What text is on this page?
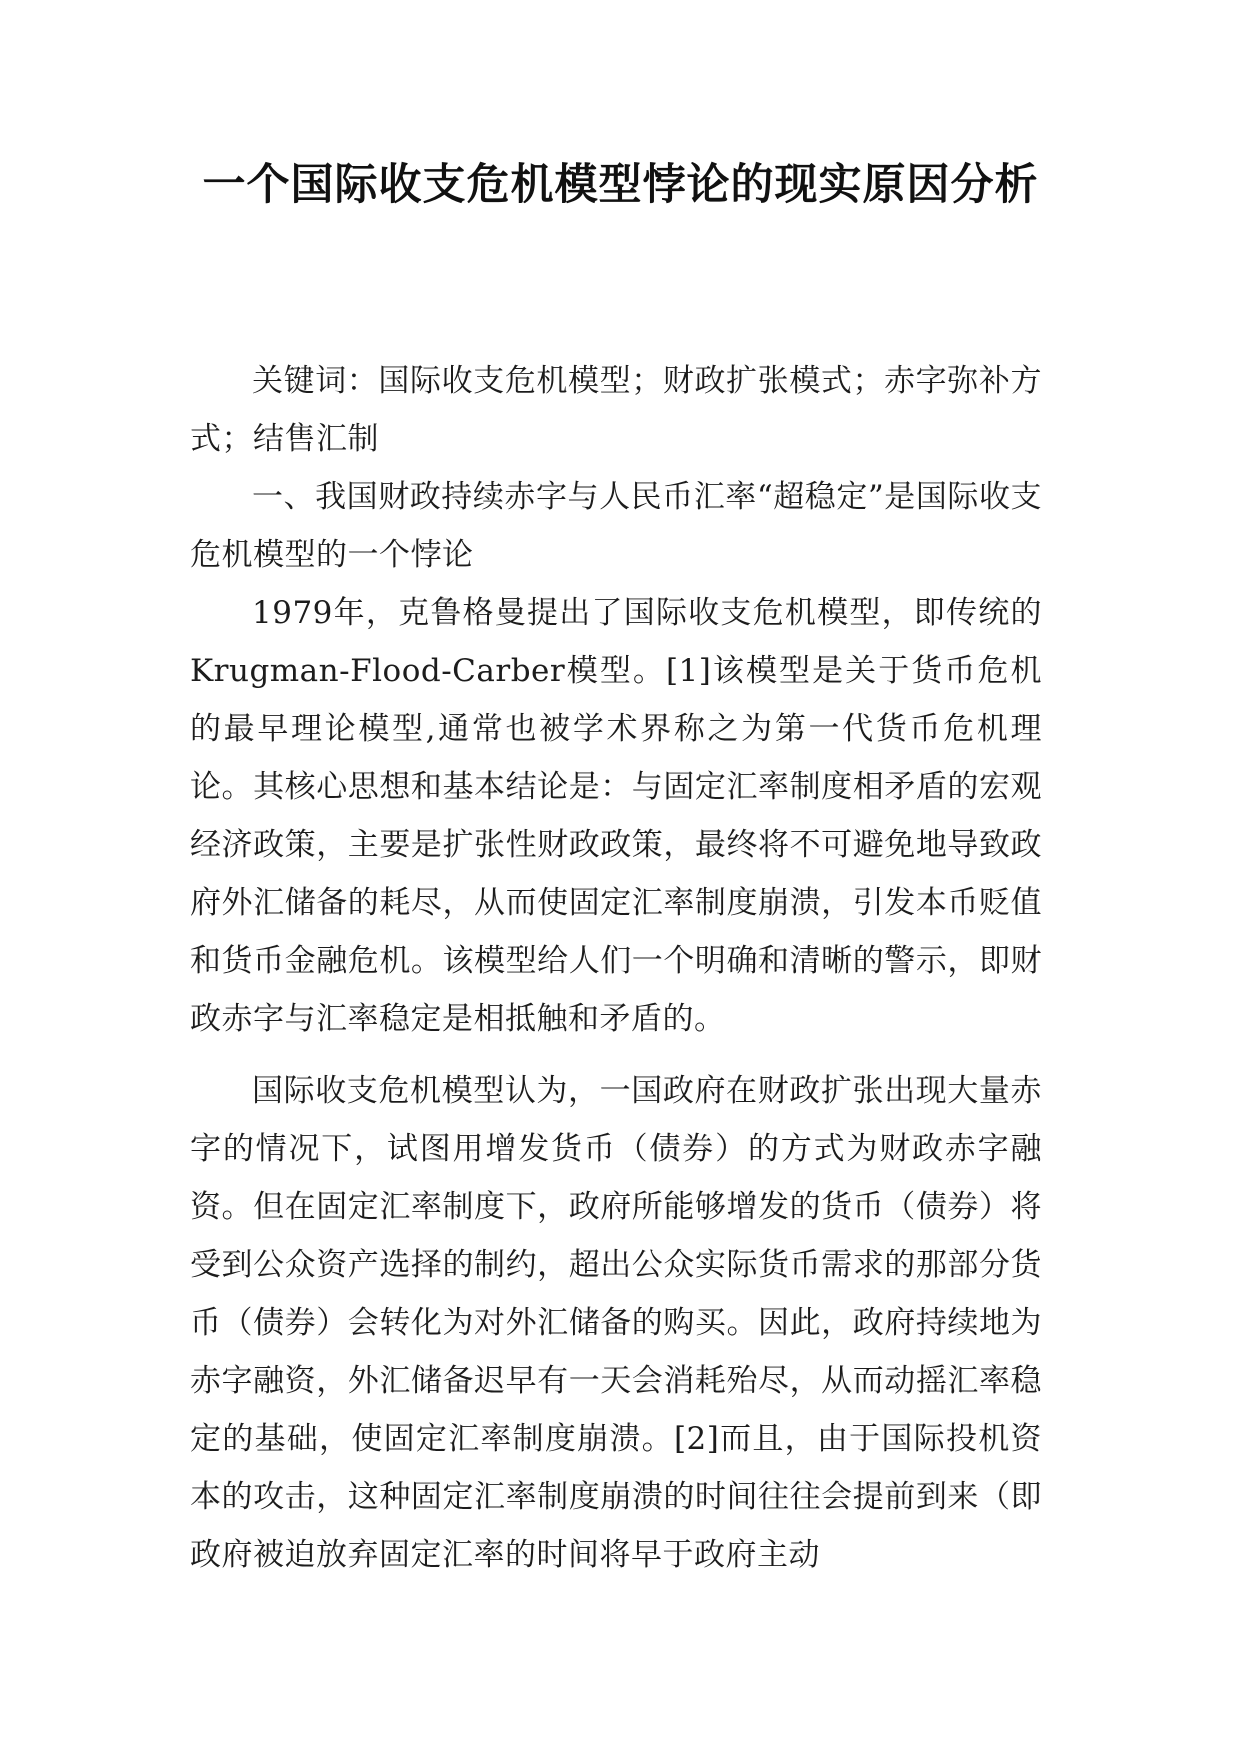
一个国际收支危机模型悖论的现实原因分析

关键词：国际收支危机模型；财政扩张模式；赤字弥补方式；结售汇制

一、我国财政持续赤字与人民币汇率“超稳定”是国际收支危机模型的一个悖论

1979年，克鲁格曼提出了国际收支危机模型，即传统的Krugman-Flood-Carber模型。[1]该模型是关于货币危机的最早理论模型,通常也被学术界称之为第一代货币危机理论。其核心思想和基本结论是：与固定汇率制度相矛盾的宏观经济政策，主要是扩张性财政政策，最终将不可避免地导致政府外汇储备的耗尽，从而使固定汇率制度崩溃，引发本币贬值和货币金融危机。该模型给人们一个明确和清晰的警示，即财政赤字与汇率稳定是相抵触和矛盾的。

国际收支危机模型认为，一国政府在财政扩张出现大量赤字的情况下，试图用增发货币（债券）的方式为财政赤字融资。但在固定汇率制度下，政府所能够增发的货币（债券）将受到公众资产选择的制约，超出公众实际货币需求的那部分货币（债券）会转化为对外汇储备的购买。因此，政府持续地为赤字融资，外汇储备迟早有一天会消耗殆尽，从而动摇汇率稳定的基础，使固定汇率制度崩溃。[2]而且，由于国际投机资本的攻击，这种固定汇率制度崩溃的时间往往会提前到来（即政府被迫放弃固定汇率的时间将早于政府主动
